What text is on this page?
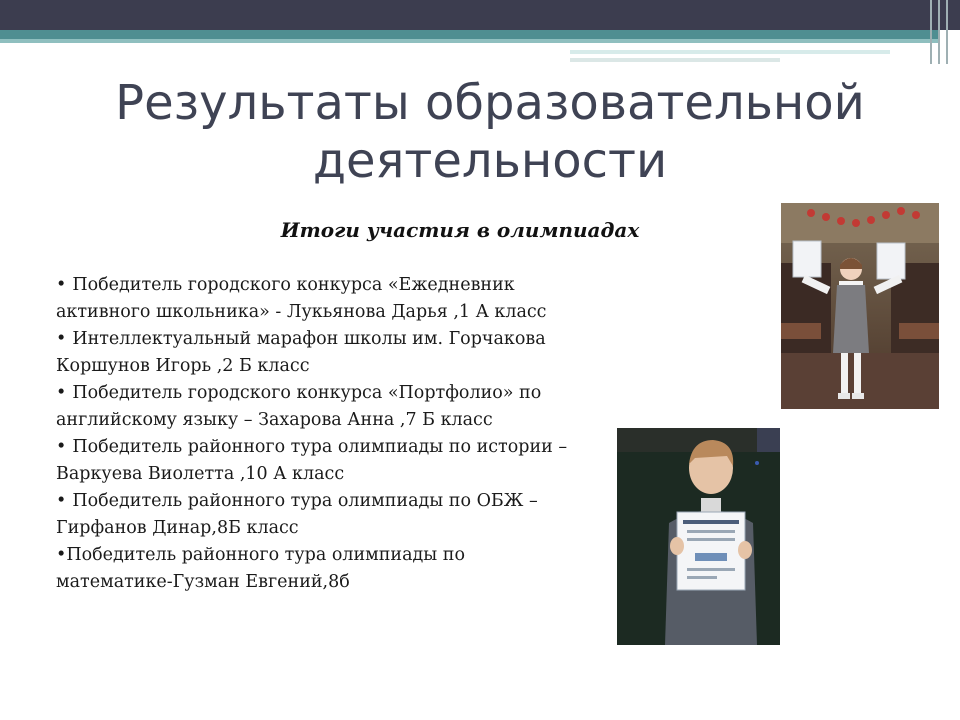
Результаты образовательной деятельности
Итоги участия в олимпиадах
• Победитель городского конкурса «Ежедневник активного школьника» - Лукьянова Дарья ,1 А класс
• Интеллектуальный марафон школы им. Горчакова Коршунов Игорь ,2 Б класс
• Победитель городского конкурса «Портфолио» по английскому языку – Захарова Анна ,7 Б класс
• Победитель районного тура олимпиады по истории – Варкуева Виолетта ,10 А класс
• Победитель районного тура олимпиады по ОБЖ – Гирфанов Динар,8Б класс
•Победитель районного тура олимпиады по математике-Гузман Евгений,8б
